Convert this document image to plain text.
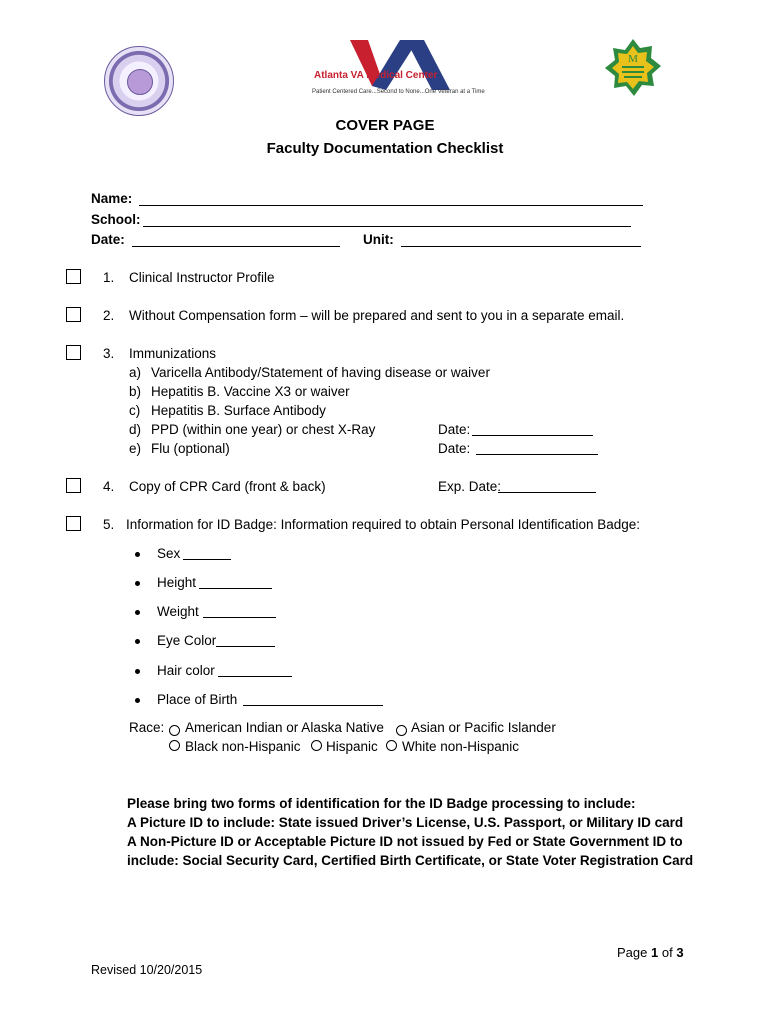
Atlanta VA Medical Center
Patient Centered Care...Second to None...One Veteran at a Time
M
COVER PAGE
Faculty Documentation Checklist
Name:
School:
Date:	Unit:
1. Clinical Instructor Profile
2. Without Compensation form – will be prepared and sent to you in a separate email.
3. Immunizations
a) Varicella Antibody/Statement of having disease or waiver
b) Hepatitis B. Vaccine X3 or waiver
c) Hepatitis B. Surface Antibody
d) PPD (within one year) or chest X-Ray	Date:
e) Flu (optional)	Date:
4. Copy of CPR Card (front & back)	Exp. Date:
5. Information for ID Badge: Information required to obtain Personal Identification Badge:
Sex
Height
Weight
Eye Color
Hair color
Place of Birth
Race: American Indian or Alaska Native Asian or Pacific Islander
Black non-Hispanic Hispanic White non-Hispanic
Please bring two forms of identification for the ID Badge processing to include:
A Picture ID to include: State issued Driver’s License, U.S. Passport, or Military ID card
A Non-Picture ID or Acceptable Picture ID not issued by Fed or State Government ID to
include: Social Security Card, Certified Birth Certificate, or State Voter Registration Card
Page 1 of 3
Revised 10/20/2015
